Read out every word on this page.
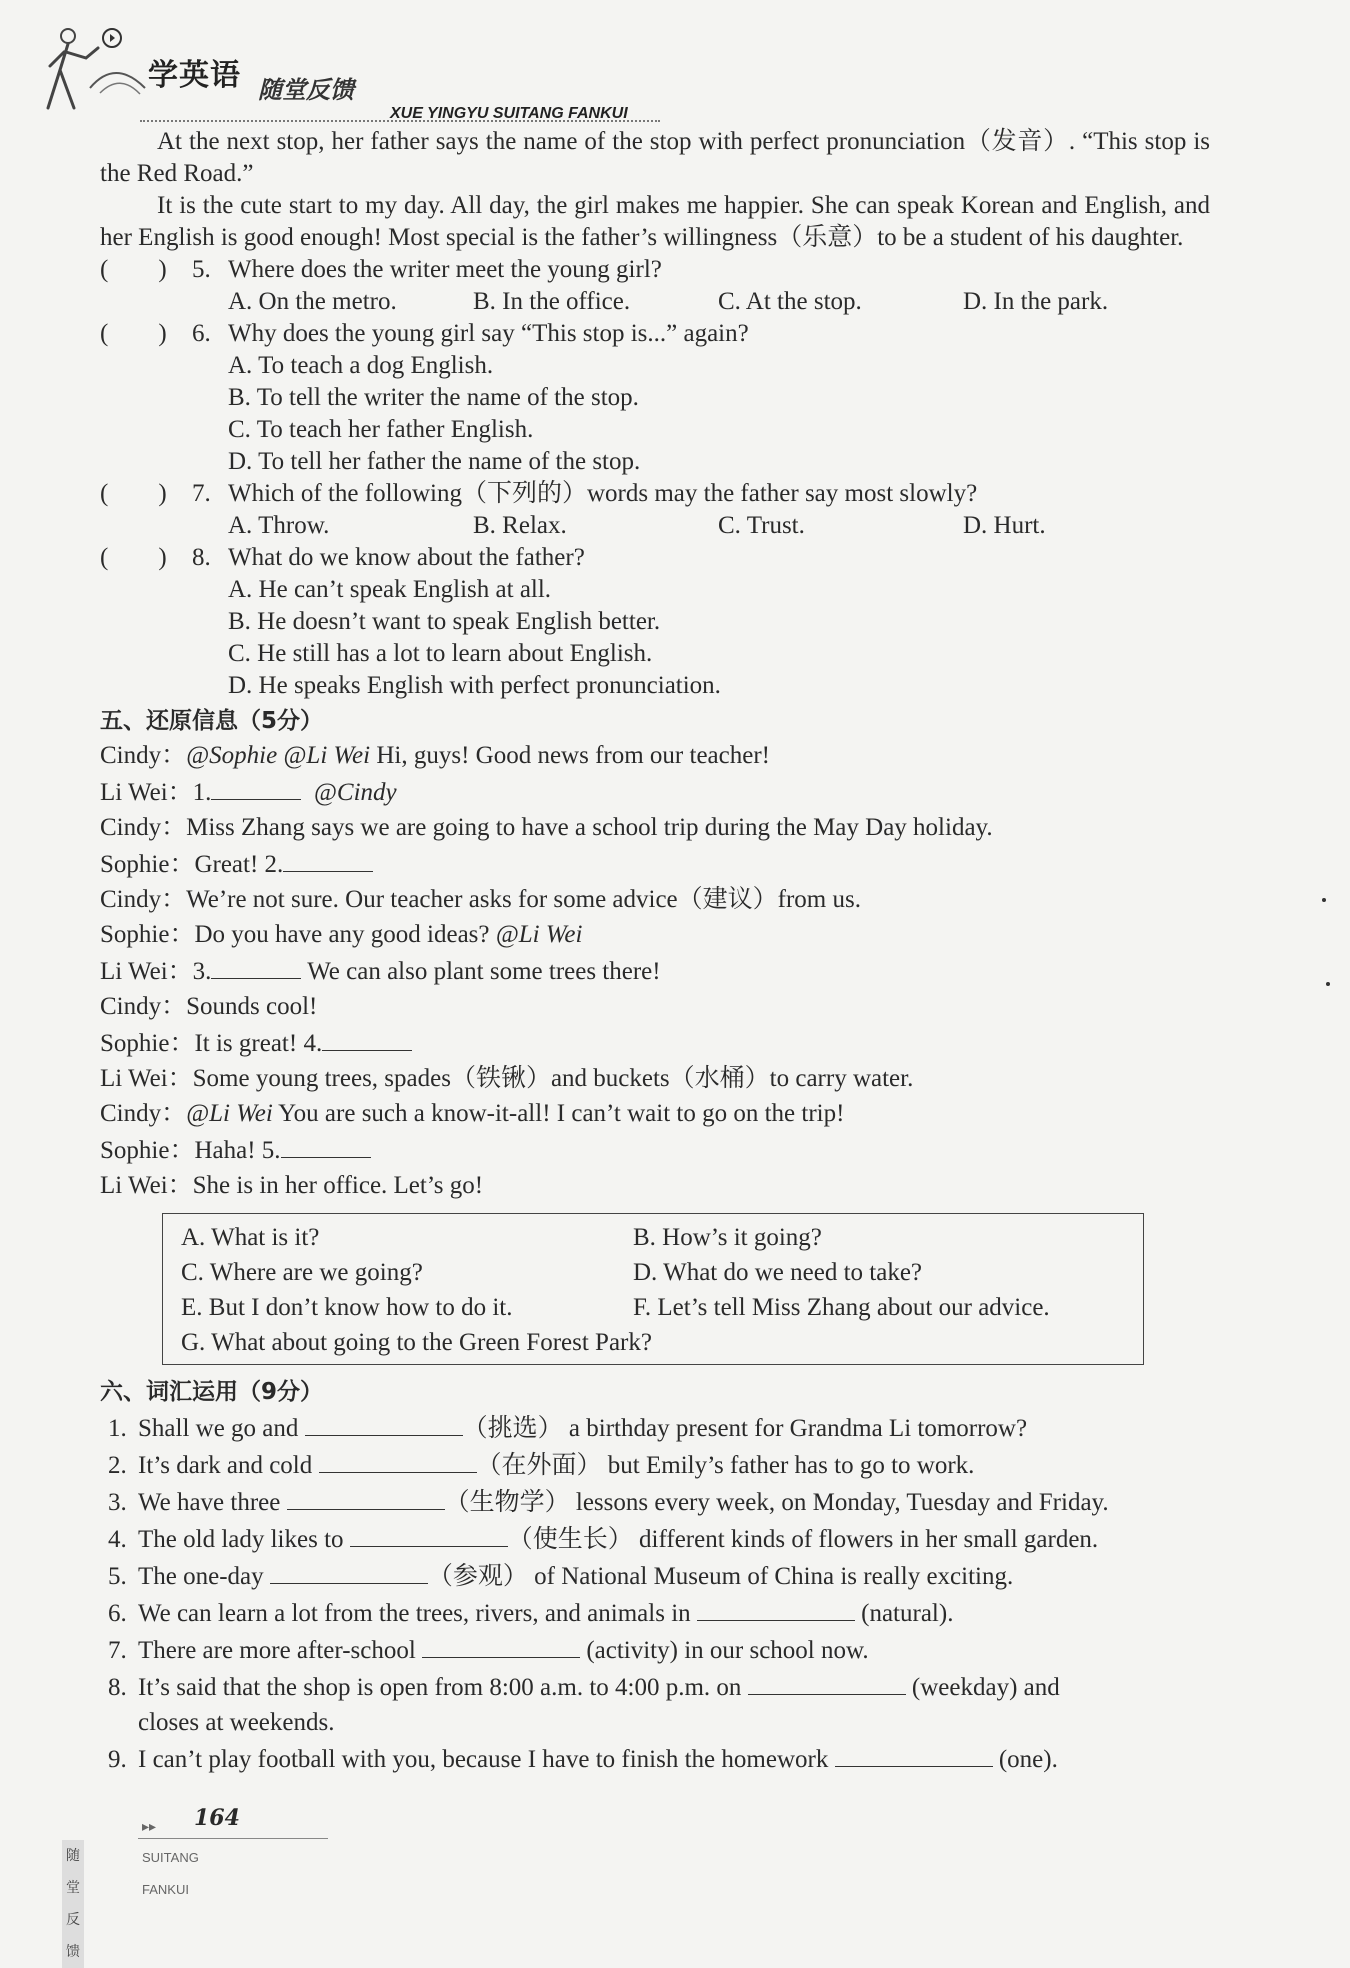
学英语 随堂反馈
XUE YINGYU SUITANG FANKUI

At the next stop, her father says the name of the stop with perfect pronunciation（发音）. “This stop is the Red Road.”

It is the cute start to my day. All day, the girl makes me happier. She can speak Korean and English, and her English is good enough! Most special is the father’s willingness（乐意）to be a student of his daughter.

(　　)	5. Where does the writer meet the young girl?
A. On the metro.	B. In the office.	C. At the stop.	D. In the park.
(　　)	6. Why does the young girl say “This stop is...” again?
A. To teach a dog English.
B. To tell the writer the name of the stop.
C. To teach her father English.
D. To tell her father the name of the stop.
(　　)	7. Which of the following（下列的）words may the father say most slowly?
A. Throw.	B. Relax.	C. Trust.	D. Hurt.
(　　)	8. What do we know about the father?
A. He can’t speak English at all.
B. He doesn’t want to speak English better.
C. He still has a lot to learn about English.
D. He speaks English with perfect pronunciation.
五、还原信息（5分）
Cindy：@Sophie @Li Wei Hi, guys! Good news from our teacher!
Li Wei：1.	@Cindy
Cindy：Miss Zhang says we are going to have a school trip during the May Day holiday.
Sophie：Great! 2.
Cindy：We’re not sure. Our teacher asks for some advice（建议）from us.
Sophie：Do you have any good ideas? @Li Wei
Li Wei：3.	We can also plant some trees there!
Cindy：Sounds cool!
Sophie：It is great! 4.
Li Wei：Some young trees, spades（铁锹）and buckets（水桶）to carry water.
Cindy：@Li Wei You are such a know-it-all! I can’t wait to go on the trip!
Sophie：Haha! 5.
Li Wei：She is in her office. Let’s go!
A. What is it?	B. How’s it going?
C. Where are we going?	D. What do we need to take?
E. But I don’t know how to do it.	F. Let’s tell Miss Zhang about our advice.
G. What about going to the Green Forest Park?
六、词汇运用（9分）
1. Shall we go and	（挑选） a birthday present for Grandma Li tomorrow?
2. It’s dark and cold	（在外面） but Emily’s father has to go to work.
3. We have three	（生物学） lessons every week, on Monday, Tuesday and Friday.
4. The old lady likes to	（使生长） different kinds of flowers in her small garden.
5. The one-day	（参观） of National Museum of China is really exciting.
6. We can learn a lot from the trees, rivers, and animals in	(natural).
7. There are more after-school	(activity) in our school now.
8. It’s said that the shop is open from 8:00 a.m. to 4:00 p.m. on	(weekday) and
closes at weekends.
9. I can’t play football with you, because I have to finish the homework	(one).
▸▸ 164
随堂反馈
SUITANG FANKUI
